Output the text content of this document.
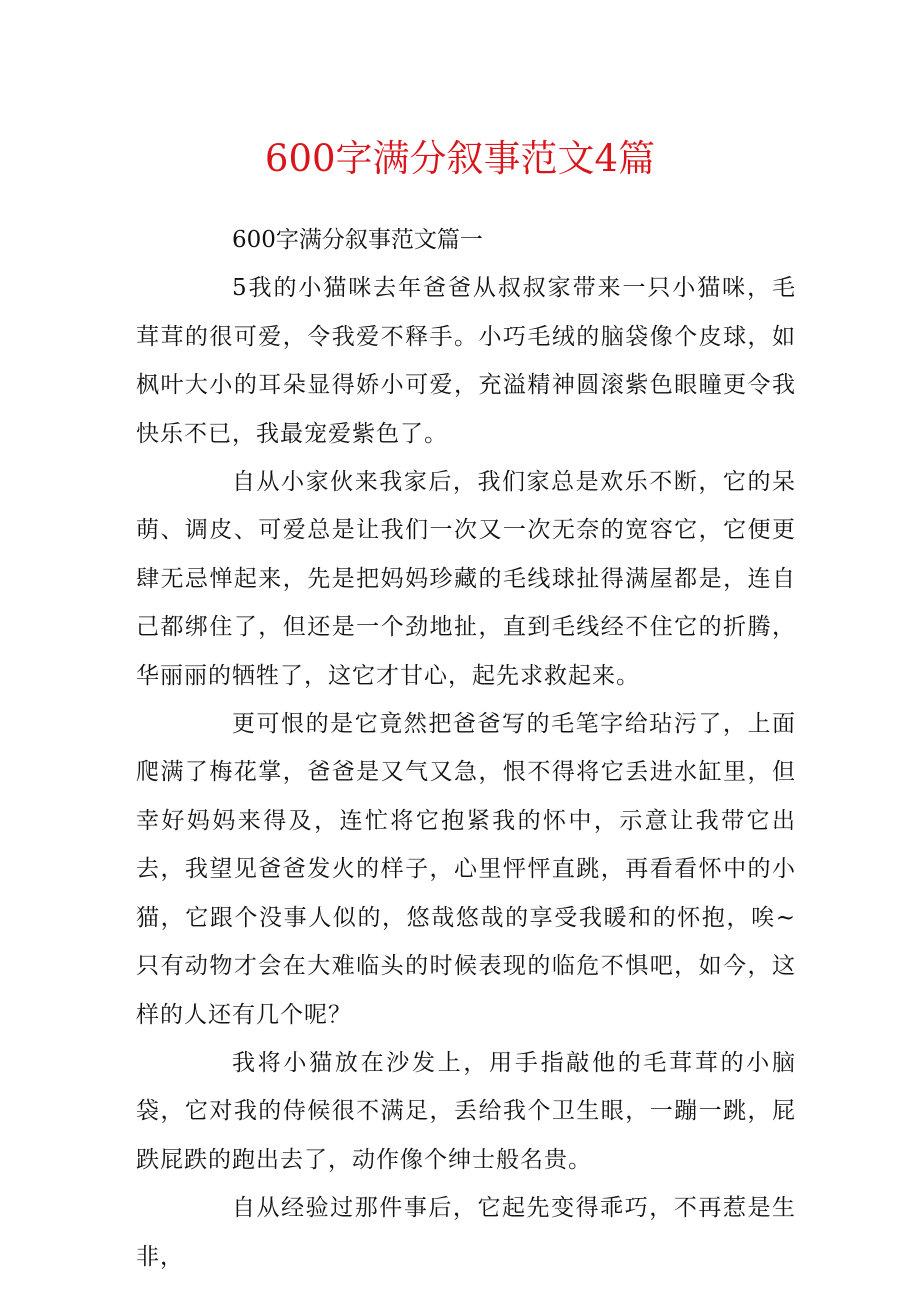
600字满分叙事范文4篇

600字满分叙事范文篇一

5我的小猫咪去年爸爸从叔叔家带来一只小猫咪，毛茸茸的很可爱，令我爱不释手。小巧毛绒的脑袋像个皮球，如枫叶大小的耳朵显得娇小可爱，充溢精神圆滚紫色眼瞳更令我快乐不已，我最宠爱紫色了。

自从小家伙来我家后，我们家总是欢乐不断，它的呆萌、调皮、可爱总是让我们一次又一次无奈的宽容它，它便更肆无忌惮起来，先是把妈妈珍藏的毛线球扯得满屋都是，连自己都绑住了，但还是一个劲地扯，直到毛线经不住它的折腾，华丽丽的牺牲了，这它才甘心，起先求救起来。

更可恨的是它竟然把爸爸写的毛笔字给玷污了，上面爬满了梅花掌，爸爸是又气又急，恨不得将它丢进水缸里，但幸好妈妈来得及，连忙将它抱紧我的怀中，示意让我带它出去，我望见爸爸发火的样子，心里怦怦直跳，再看看怀中的小猫，它跟个没事人似的，悠哉悠哉的享受我暖和的怀抱，唉~只有动物才会在大难临头的时候表现的临危不惧吧，如今，这样的人还有几个呢？

我将小猫放在沙发上，用手指敲他的毛茸茸的小脑袋，它对我的侍候很不满足，丢给我个卫生眼，一蹦一跳，屁跌屁跌的跑出去了，动作像个绅士般名贵。

自从经验过那件事后，它起先变得乖巧，不再惹是生非，
